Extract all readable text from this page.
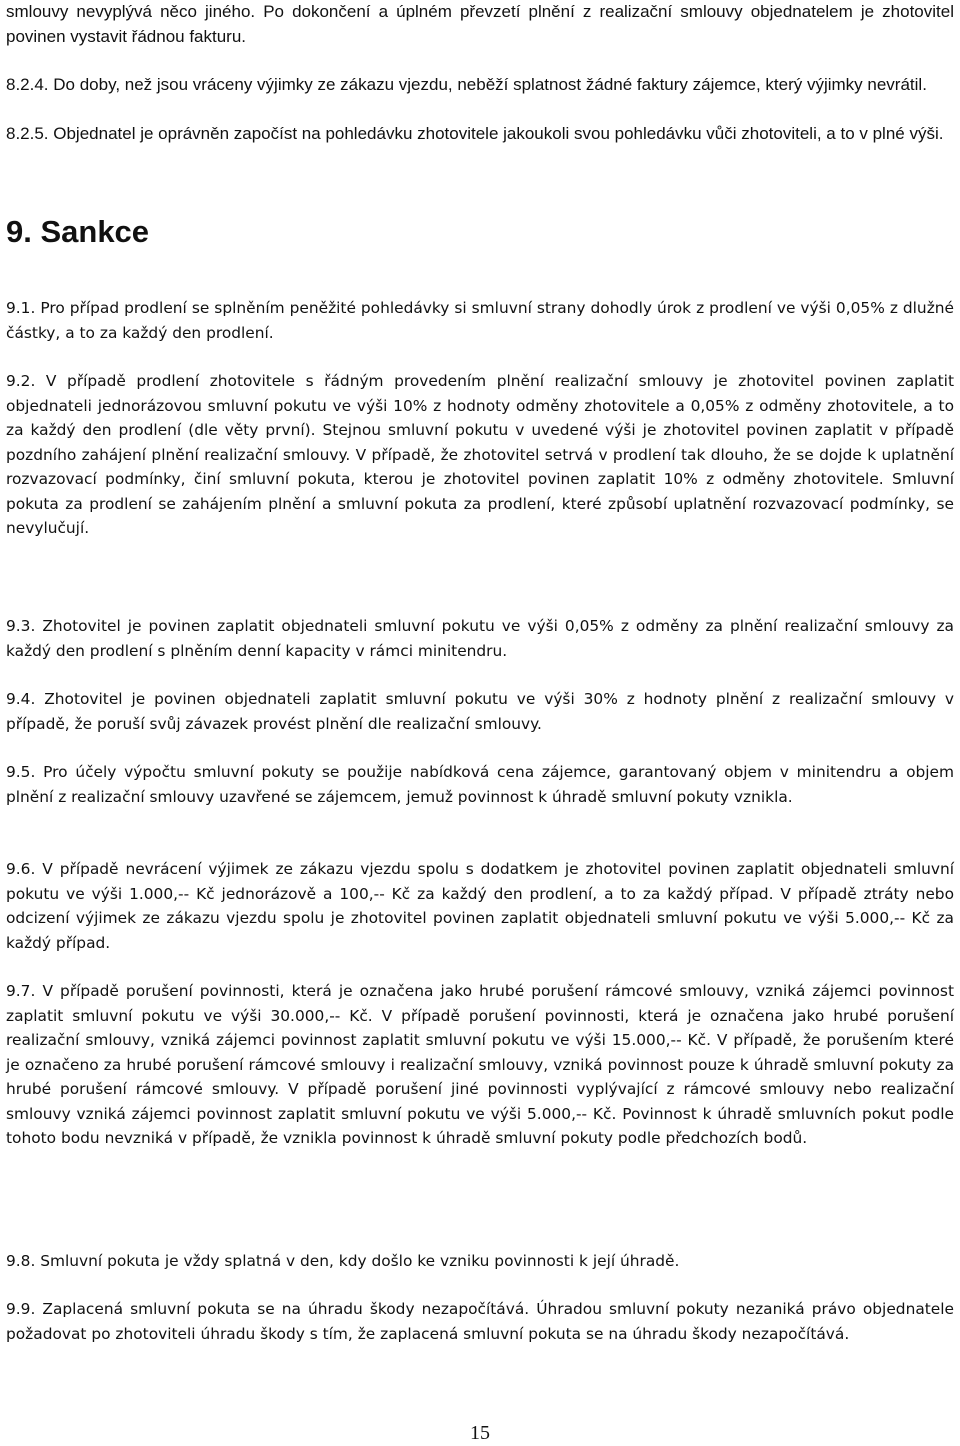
smlouvy nevyplývá něco jiného. Po dokončení a úplném převzetí plnění z realizační smlouvy objednatelem je zhotovitel povinen vystavit řádnou fakturu.

8.2.4. Do doby, než jsou vráceny výjimky ze zákazu vjezdu, neběží splatnost žádné faktury zájemce, který výjimky nevrátil.

8.2.5. Objednatel je oprávněn započíst na pohledávku zhotovitele jakoukoli svou pohledávku vůči zhotoviteli, a to v plné výši.

9. Sankce

9.1. Pro případ prodlení se splněním peněžité pohledávky si smluvní strany dohodly úrok z prodlení ve výši 0,05% z dlužné částky, a to za každý den prodlení.

9.2. V případě prodlení zhotovitele s řádným provedením plnění realizační smlouvy je zhotovitel povinen zaplatit objednateli jednorázovou smluvní pokutu ve výši 10% z hodnoty odměny zhotovitele a 0,05% z odměny zhotovitele, a to za každý den prodlení (dle věty první). Stejnou smluvní pokutu v uvedené výši je zhotovitel povinen zaplatit v případě pozdního zahájení plnění realizační smlouvy. V případě, že zhotovitel setrvá v prodlení tak dlouho, že se dojde k uplatnění rozvazovací podmínky, činí smluvní pokuta, kterou je zhotovitel povinen zaplatit 10% z odměny zhotovitele. Smluvní pokuta za prodlení se zahájením plnění a smluvní pokuta za prodlení, které způsobí uplatnění rozvazovací podmínky, se nevylučují.

9.3. Zhotovitel je povinen zaplatit objednateli smluvní pokutu ve výši 0,05% z odměny za plnění realizační smlouvy za každý den prodlení s plněním denní kapacity v rámci minitendru.

9.4. Zhotovitel je povinen objednateli zaplatit smluvní pokutu ve výši 30% z hodnoty plnění z realizační smlouvy v případě, že poruší svůj závazek provést plnění dle realizační smlouvy.

9.5. Pro účely výpočtu smluvní pokuty se použije nabídková cena zájemce, garantovaný objem v minitendru a objem plnění z realizační smlouvy uzavřené se zájemcem, jemuž povinnost k úhradě smluvní pokuty vznikla.

9.6. V případě nevrácení výjimek ze zákazu vjezdu spolu s dodatkem je zhotovitel povinen zaplatit objednateli smluvní pokutu ve výši 1.000,-- Kč jednorázově a 100,-- Kč za každý den prodlení, a to za každý případ. V případě ztráty nebo odcizení výjimek ze zákazu vjezdu spolu je zhotovitel povinen zaplatit objednateli smluvní pokutu ve výši 5.000,-- Kč za každý případ.

9.7. V případě porušení povinnosti, která je označena jako hrubé porušení rámcové smlouvy, vzniká zájemci povinnost zaplatit smluvní pokutu ve výši 30.000,-- Kč. V případě porušení povinnosti, která je označena jako hrubé porušení realizační smlouvy, vzniká zájemci povinnost zaplatit smluvní pokutu ve výši 15.000,-- Kč. V případě, že porušením které je označeno za hrubé porušení rámcové smlouvy i realizační smlouvy, vzniká povinnost pouze k úhradě smluvní pokuty za hrubé porušení rámcové smlouvy. V případě porušení jiné povinnosti vyplývající z rámcové smlouvy nebo realizační smlouvy vzniká zájemci povinnost zaplatit smluvní pokutu ve výši 5.000,-- Kč. Povinnost k úhradě smluvních pokut podle tohoto bodu nevzniká v případě, že vznikla povinnost k úhradě smluvní pokuty podle předchozích bodů.

9.8. Smluvní pokuta je vždy splatná v den, kdy došlo ke vzniku povinnosti k její úhradě.

9.9. Zaplacená smluvní pokuta se na úhradu škody nezapočítává. Úhradou smluvní pokuty nezaniká právo objednatele požadovat po zhotoviteli úhradu škody s tím, že zaplacená smluvní pokuta se na úhradu škody nezapočítává.

15
